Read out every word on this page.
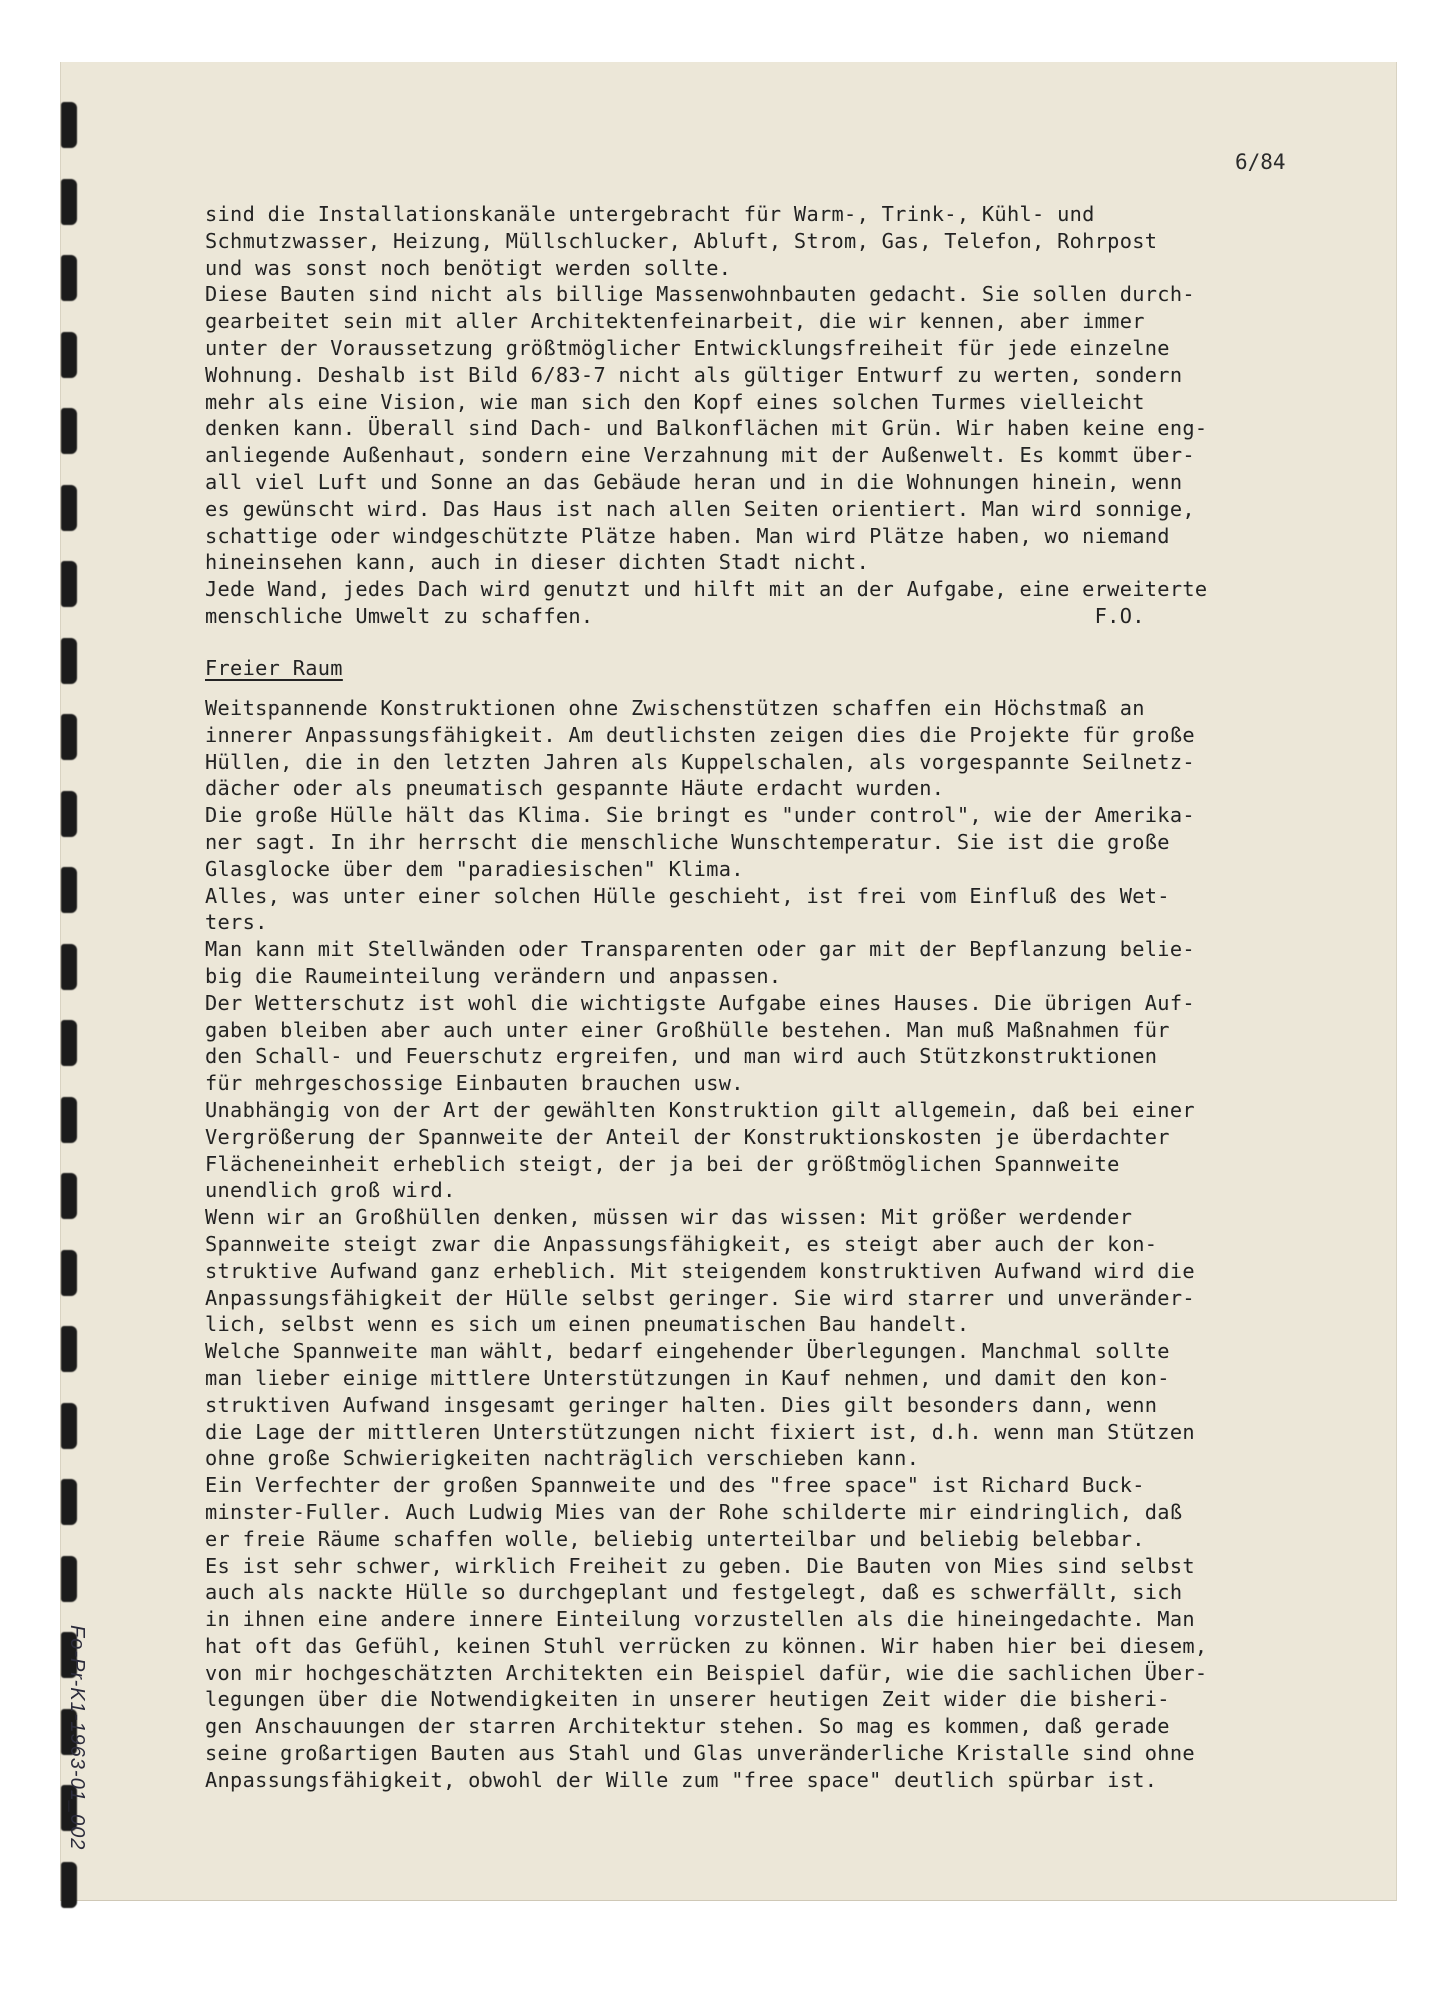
6/84
sind die Installationskanäle untergebracht für Warm-, Trink-, Kühl- und
Schmutzwasser, Heizung, Müllschlucker, Abluft, Strom, Gas, Telefon, Rohrpost
und was sonst noch benötigt werden sollte.
Diese Bauten sind nicht als billige Massenwohnbauten gedacht. Sie sollen durch-
gearbeitet sein mit aller Architektenfeinarbeit, die wir kennen, aber immer
unter der Voraussetzung größtmöglicher Entwicklungsfreiheit für jede einzelne
Wohnung. Deshalb ist Bild 6/83-7 nicht als gültiger Entwurf zu werten, sondern
mehr als eine Vision, wie man sich den Kopf eines solchen Turmes vielleicht
denken kann. Überall sind Dach- und Balkonflächen mit Grün. Wir haben keine eng-
anliegende Außenhaut, sondern eine Verzahnung mit der Außenwelt. Es kommt über-
all viel Luft und Sonne an das Gebäude heran und in die Wohnungen hinein, wenn
es gewünscht wird. Das Haus ist nach allen Seiten orientiert. Man wird sonnige,
schattige oder windgeschützte Plätze haben. Man wird Plätze haben, wo niemand
hineinsehen kann, auch in dieser dichten Stadt nicht.
Jede Wand, jedes Dach wird genutzt und hilft mit an der Aufgabe, eine erweiterte
menschliche Umwelt zu schaffen.                                        F.O.
Freier Raum
Weitspannende Konstruktionen ohne Zwischenstützen schaffen ein Höchstmaß an
innerer Anpassungsfähigkeit. Am deutlichsten zeigen dies die Projekte für große
Hüllen, die in den letzten Jahren als Kuppelschalen, als vorgespannte Seilnetz-
dächer oder als pneumatisch gespannte Häute erdacht wurden.
Die große Hülle hält das Klima. Sie bringt es "under control", wie der Amerika-
ner sagt. In ihr herrscht die menschliche Wunschtemperatur. Sie ist die große
Glasglocke über dem "paradiesischen" Klima.
Alles, was unter einer solchen Hülle geschieht, ist frei vom Einfluß des Wet-
ters.
Man kann mit Stellwänden oder Transparenten oder gar mit der Bepflanzung belie-
big die Raumeinteilung verändern und anpassen.
Der Wetterschutz ist wohl die wichtigste Aufgabe eines Hauses. Die übrigen Auf-
gaben bleiben aber auch unter einer Großhülle bestehen. Man muß Maßnahmen für
den Schall- und Feuerschutz ergreifen, und man wird auch Stützkonstruktionen
für mehrgeschossige Einbauten brauchen usw.
Unabhängig von der Art der gewählten Konstruktion gilt allgemein, daß bei einer
Vergrößerung der Spannweite der Anteil der Konstruktionskosten je überdachter
Flächeneinheit erheblich steigt, der ja bei der größtmöglichen Spannweite
unendlich groß wird.
Wenn wir an Großhüllen denken, müssen wir das wissen: Mit größer werdender
Spannweite steigt zwar die Anpassungsfähigkeit, es steigt aber auch der kon-
struktive Aufwand ganz erheblich. Mit steigendem konstruktiven Aufwand wird die
Anpassungsfähigkeit der Hülle selbst geringer. Sie wird starrer und unveränder-
lich, selbst wenn es sich um einen pneumatischen Bau handelt.
Welche Spannweite man wählt, bedarf eingehender Überlegungen. Manchmal sollte
man lieber einige mittlere Unterstützungen in Kauf nehmen, und damit den kon-
struktiven Aufwand insgesamt geringer halten. Dies gilt besonders dann, wenn
die Lage der mittleren Unterstützungen nicht fixiert ist, d.h. wenn man Stützen
ohne große Schwierigkeiten nachträglich verschieben kann.
Ein Verfechter der großen Spannweite und des "free space" ist Richard Buck-
minster-Fuller. Auch Ludwig Mies van der Rohe schilderte mir eindringlich, daß
er freie Räume schaffen wolle, beliebig unterteilbar und beliebig belebbar.
Es ist sehr schwer, wirklich Freiheit zu geben. Die Bauten von Mies sind selbst
auch als nackte Hülle so durchgeplant und festgelegt, daß es schwerfällt, sich
in ihnen eine andere innere Einteilung vorzustellen als die hineingedachte. Man
hat oft das Gefühl, keinen Stuhl verrücken zu können. Wir haben hier bei diesem,
von mir hochgeschätzten Architekten ein Beispiel dafür, wie die sachlichen Über-
legungen über die Notwendigkeiten in unserer heutigen Zeit wider die bisheri-
gen Anschauungen der starren Architektur stehen. So mag es kommen, daß gerade
seine großartigen Bauten aus Stahl und Glas unveränderliche Kristalle sind ohne
Anpassungsfähigkeit, obwohl der Wille zum "free space" deutlich spürbar ist.
Fo-Pr-K1-1963-01_002
